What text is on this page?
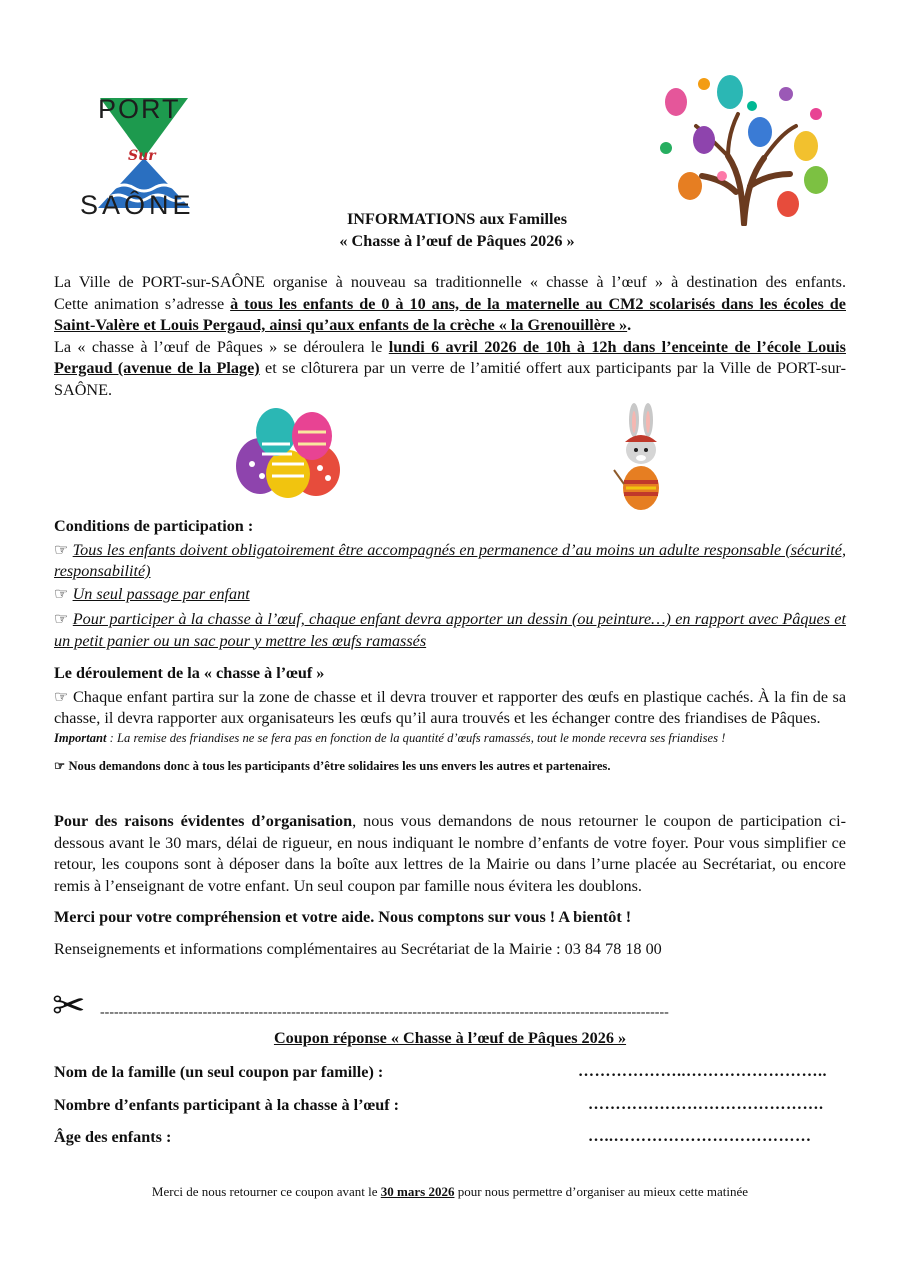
PORT
Sur
SAÔNE	INFORMATIONS aux Familles
« Chasse à l’œuf de Pâques 2026 »

La Ville de PORT-sur-SAÔNE organise à nouveau sa traditionnelle « chasse à l’œuf » à destination des enfants.

Cette animation s’adresse à tous les enfants de 0 à 10 ans, de la maternelle au CM2 scolarisés dans les écoles de Saint-Valère et Louis Pergaud, ainsi qu’aux enfants de la crèche « la Grenouillère ».

La « chasse à l’œuf de Pâques » se déroulera le lundi 6 avril 2026 de 10h à 12h dans l’enceinte de l’école Louis Pergaud (avenue de la Plage) et se clôturera par un verre de l’amitié offert aux participants par la Ville de PORT-sur-SAÔNE.

Conditions de participation :

☞ Tous les enfants doivent obligatoirement être accompagnés en permanence d’au moins un adulte responsable (sécurité, responsabilité)

☞ Un seul passage par enfant

☞ Pour participer à la chasse à l’œuf, chaque enfant devra apporter un dessin (ou peinture…) en rapport avec Pâques et un petit panier ou un sac pour y mettre les œufs ramassés

Le déroulement de la « chasse à l’œuf »

☞ Chaque enfant partira sur la zone de chasse et il devra trouver et rapporter des œufs en plastique cachés. À la fin de sa chasse, il devra rapporter aux organisateurs les œufs qu’il aura trouvés et les échanger contre des friandises de Pâques.

Important : La remise des friandises ne se fera pas en fonction de la quantité d’œufs ramassés, tout le monde recevra ses friandises !

☞ Nous demandons donc à tous les participants d’être solidaires les uns envers les autres et partenaires.

Pour des raisons évidentes d’organisation, nous vous demandons de nous retourner le coupon de participation ci-dessous avant le 30 mars, délai de rigueur, en nous indiquant le nombre d’enfants de votre foyer. Pour vous simplifier ce retour, les coupons sont à déposer dans la boîte aux lettres de la Mairie ou dans l’urne placée au Secrétariat, ou encore remis à l’enseignant de votre enfant. Un seul coupon par famille nous évitera les doublons.

Merci pour votre compréhension et votre aide. Nous comptons sur vous ! A bientôt !

Renseignements et informations complémentaires au Secrétariat de la Mairie : 03 84 78 18 00

✂ --------------------------------------------------------------------------------------------------------------------------
Coupon réponse « Chasse à l’œuf de Pâques 2026 »
Nom de la famille (un seul coupon par famille) :	………………..……………………..
Nombre d’enfants participant à la chasse à l’œuf :	…………………………………….
Âge des enfants :	…..………………………………
Merci de nous retourner ce coupon avant le 30 mars 2026 pour nous permettre d’organiser au mieux cette matinée
